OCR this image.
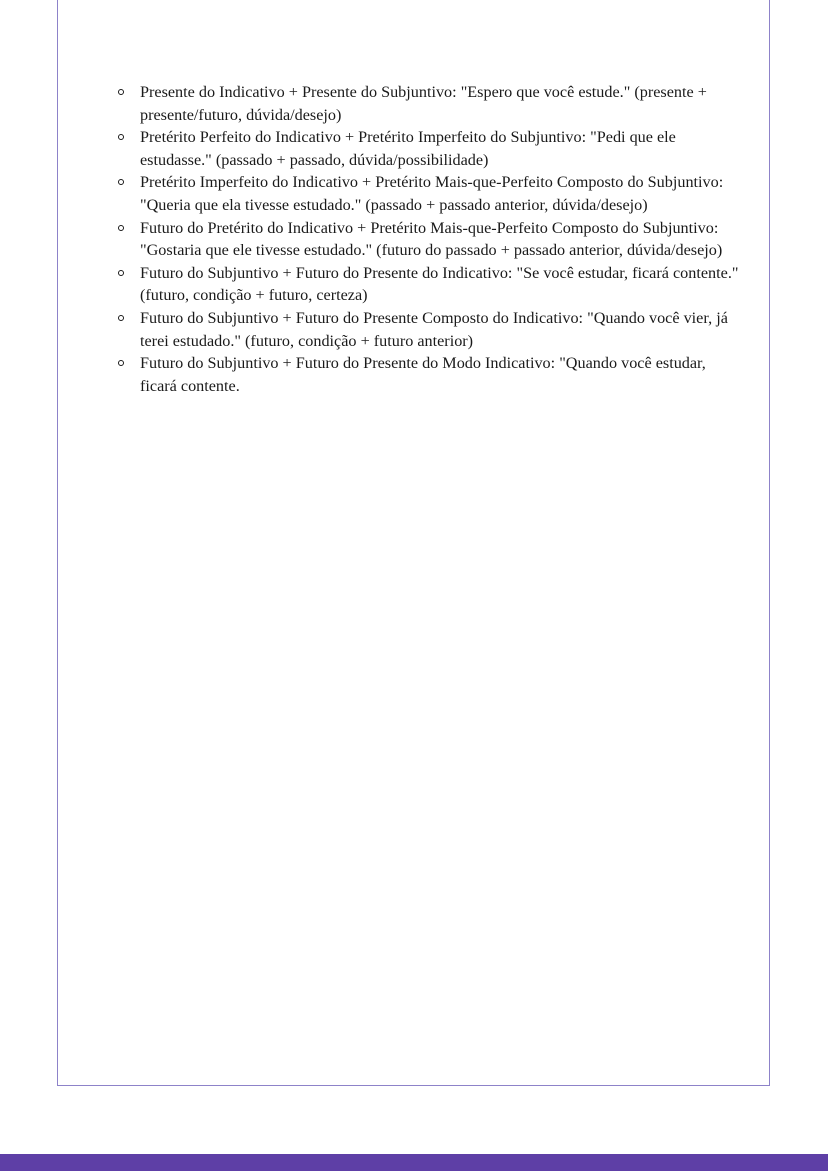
Presente do Indicativo + Presente do Subjuntivo: "Espero que você estude." (presente + presente/futuro, dúvida/desejo)
Pretérito Perfeito do Indicativo + Pretérito Imperfeito do Subjuntivo: "Pedi que ele estudasse." (passado + passado, dúvida/possibilidade)
Pretérito Imperfeito do Indicativo + Pretérito Mais-que-Perfeito Composto do Subjuntivo: "Queria que ela tivesse estudado." (passado + passado anterior, dúvida/desejo)
Futuro do Pretérito do Indicativo + Pretérito Mais-que-Perfeito Composto do Subjuntivo: "Gostaria que ele tivesse estudado." (futuro do passado + passado anterior, dúvida/desejo)
Futuro do Subjuntivo + Futuro do Presente do Indicativo: "Se você estudar, ficará contente." (futuro, condição + futuro, certeza)
Futuro do Subjuntivo + Futuro do Presente Composto do Indicativo: "Quando você vier, já terei estudado." (futuro, condição + futuro anterior)
Futuro do Subjuntivo + Futuro do Presente do Modo Indicativo: "Quando você estudar, ficará contente.
